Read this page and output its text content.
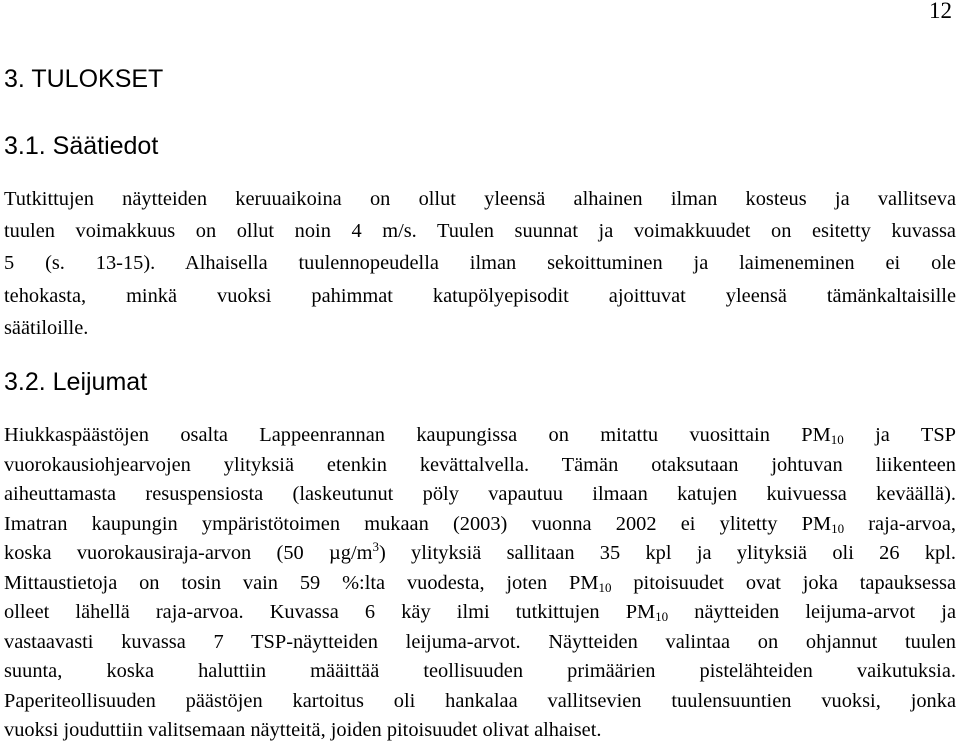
12
3. TULOKSET
3.1. Säätiedot
Tutkittujen näytteiden keruuaikoina on ollut yleensä alhainen ilman kosteus ja vallitseva
tuulen voimakkuus on ollut noin 4 m/s. Tuulen suunnat ja voimakkuudet on esitetty kuvassa
5 (s. 13-15). Alhaisella tuulennopeudella ilman sekoittuminen ja laimeneminen ei ole
tehokasta, minkä vuoksi pahimmat katupölyepisodit ajoittuvat yleensä tämänkaltaisille
säätiloille.
3.2. Leijumat
Hiukkaspäästöjen osalta Lappeenrannan kaupungissa on mitattu vuosittain $PM_{10}$ ja TSP
vuorokausiohjearvojen ylityksiä etenkin kevättalvella. Tämän otaksutaan johtuvan liikenteen
aiheuttamasta resuspensiosta (laskeutunut pöly vapautuu ilmaan katujen kuivuessa keväällä).
Imatran kaupungin ympäristötoimen mukaan (2003) vuonna 2002 ei ylitetty $PM_{10}$ raja-arvoa,
koska vuorokausiraja-arvon (50 $\mu g/m^3$) ylityksiä sallitaan 35 kpl ja ylityksiä oli 26 kpl.
Mittaustietoja on tosin vain 59 %:lta vuodesta, joten $PM_{10}$ pitoisuudet ovat joka tapauksessa
olleet lähellä raja-arvoa. Kuvassa 6 käy ilmi tutkittujen $PM_{10}$ näytteiden leijuma-arvot ja
vastaavasti kuvassa 7 TSP-näytteiden leijuma-arvot. Näytteiden valintaa on ohjannut tuulen
suunta, koska haluttiin määittää teollisuuden primäärien pistelähteiden vaikutuksia.
Paperiteollisuuden päästöjen kartoitus oli hankalaa vallitsevien tuulensuuntien vuoksi, jonka
vuoksi jouduttiin valitsemaan näytteitä, joiden pitoisuudet olivat alhaiset.
